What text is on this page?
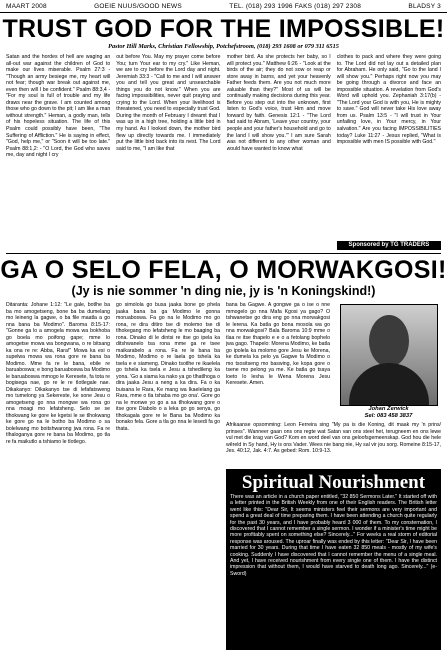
MAART 2008	GOEIE NUUS/GOOD NEWS	TEL. (018) 293 1996 FAKS (018) 297 2308	BLADSY 3
TRUST GOD FOR THE IMPOSSIBLE!
Pastor Hill Marks, Christian Fellowship, Potchefstroom, (018) 293 1608 or 079 311 6515

Satan and the hordes of hell are waging an all-out war against the children of God to make our lives miserable. Psalm 27:3 - "Though an army besiege me, my heart will not fear; though war break out against me, even then will I be confident." Psalm 88:3,4 - "For my soul is full of trouble and my life draws near the grave. I am counted among those who go down to the pit; I am like a man without strength." Heman, a godly man, tells of his hopeless situation. The life of this Psalm could possibly have been, "The Suffering of Affliction." He is saying in effect, "God, help me," or "Soon it will be too late." Psalm 88:1,2: - "O Lord, the God who saves me, day and night I cry

out before You. May my prayer come before You; turn Your ear to my cry." Like Heman, we are to cry before the Lord day and night. Jeremiah 33:3 - "Call to me and I will answer you and tell you great and unsearchable things you do not know." When you are facing impossibilities, never quit praying and crying to the Lord. When your livelihood is threatened, you need to especially trust God. During the month of February I dreamt that I was up in a high tree, holding a little bird in my hand. As I looked down, the mother bird flew up directly towards me. I immediately put the little bird back into its nest. The Lord said to me, "I am like that

mother bird. As she protects her baby, so I will protect you." Matthew 6:26 - "Look at the birds of the air; they do not sow or reap or store away in barns, and yet your heavenly Father feeds them. Are you not much more valuable than they?" Most of us will be continually making decisions during this year. Before you step out into the unknown, first listen to God's voice, trust Him and move forward by faith. Genesis 12:1 - "The Lord had said to Abram, 'Leave your country, your people and your father's household and go to the land I will show you.'" I am sure Sarah was not different to any other woman and would have wanted to know what

clothes to pack and where they were going to. The Lord did not lay out a detailed plan for Abraham. He only said, "Go to the land I will show you." Perhaps right now you may be going through a divorce and face an impossible situation. A revelation from God's Word will uphold you. Zephaniah 3:17(b) - "The Lord your God is with you, He is mighty to save." God will never take His love away from us. Psalm 13:5 - "I will trust in Your unfailing love, in Your mercy, in Your salvation." Are you facing IMPOSSIBILITIES today? Luke 11:27 - Jesus replied, "What is impossible with men IS possible with God."

Sponsored by TG TRADERS
GA O SELO FELA, O MORWAKGOSI!
(Jy is nie sommer 'n ding nie, jy is 'n Koningskind!)

Ditaranta: Johane 1:12: "Le gale, botlhe ba ba mo amogetseng, bone ba ba dumelang mo leineng la gagwe, o ba file maatla a go nna bana ba Modimo". Baroma 8:15-17: "Gonne ga lo a amogela mowa wa bokhoba go boela mo poifong gape; mme lo amogetse mowa wa bongwana, o re bitsang ka ona re re: Abba, Rara!" Mowa ka esi o supelwa mowa wa rona gore re bana ba Modimo. Mme fa re le bana, ebile re baruaboswa; e bong baruaboswa ba Modimo le baruaboswa mmogo le Keresete, fa tota re bogisega nae, go re le re tlotlegale nae. Dikakanyo: Dikakanyo tse di lefafatsweng mo tumelong ya Sekereste, ke sone Jesu o amogetseng go nna mongwe wa rona go nna moagi mo lefatsheng. Selo se se tlhokwang ke gore ke kgetsi le se tlhokwang ke gore go na le botho ba Modimo o sa bolelwang mo boitshwarong jwa rona. Fa re tlhaloganya gore re bana ba Modimo, go tla re fa maikutlo a tshiamo le tlotlego.

go simolola go busa jaaka bone go phela jaaka bana ba ga Modimo le gonna moruaboswa. Fa go na le Modimo mo go rona, re dira ditiro tse di molemo tse di tlhokegang mo lefatsheng le mo baaging ba rona. Dinako di le dintsi re itse go ipela ka ditshwanelo tsa rona mme ga re tsee maikarabelo a rona. Fa re le bana ba Modimo, Modimo o re laela go tshela ka tsela e e siameng. Dinako tsotlhe re ikaelela go tshela ka tsela e Jesu a tshedileng ka yona. 'Go a siama ka nako ya go tlhatlhoga o dira jaaka Jesu a neng a ka dira. Fa o ka buisana le Rara, Ke mang wa Ikaelelang ga Rara, mme o tla tshaba mo go ona'. Gore go na le monwe yo go a sa tlhokwang gore o itse gore Diabolo o a leka go go senya, go tlhokagala gore re le Bana ba Modimo ka bonako fela. Gore a tla go nna le lesedi fa go thata.

bana ba Gagwe. A gongwe ga o ise o nne mmogelo go nna Mafa Kgosi ya gago? O tshwanetse go dira eng go nna morwakgosi le lerena. Ka batla go bona mosola wa go nna morwakgosi? Bala Baroma 10:9 mme o tlaa re itse thapelo e e o a fetolang bophelo jwa gago. Thapelo: Morena Modimo, ke batla go ipolela ka molomo gore Jesu ke Morena, ke dumela ka pelo ya Gagwe fa Modimo o mo tsositseng mo baswing, ke kopa gore o tsene mo pelong ya me. Ke batla go tsaya loeto lo lesha le Wena Morena Jesu Keresete. Amen.

Johan Zerwick
Sel: 083 458 3837

Afrikaanse opsomming: Leon Ferreira sing "My pa is die Koning, dit maak my 'n prins/ prinses". Wanneer gaan ons ons regte wat Satan van ons steel het, terugneem en ons lewe vul met die krag van God? Kom en word deel van ons geloofsgemeenskap. God hou die hele wêreld in Sy hand, Hy is ons Vader. Wees nie bang nie, Hy sal vir jou sorg. Romeine 8:15-17, Jes. 40:12, Jak. 4:7. As gebed: Rom. 10:9-13.

Spiritual Nourishment
There was an article in a church paper entitled, "32 850 Sermons Later." It started off with a letter printed in the British Weekly from one of their English readers. The British letter went like this: "Dear Sir, It seems ministers feel their sermons are very important and spend a great deal of time preparing them. I have been attending a church quite regularly for the past 30 years, and I have probably heard 3 000 of them. To my consternation, I discovered that I cannot remember a single sermon. I wonder if a minister's time might be more profitably spent on something else? Sincerely..." For weeks a real storm of editorial response was aroused. The uproar finally was ended by this letter: "Dear Sir, I have been married for 30 years. During that time I have eaten 32 850 meals - mostly of my wife's cooking. Suddenly I have discovered that I cannot remember the menu of a single meal. And yet, I have received nourishment from every single one of them. I have the distinct impression that without them, I would have starved to death long ago. Sincerely..." (e-Sword)
